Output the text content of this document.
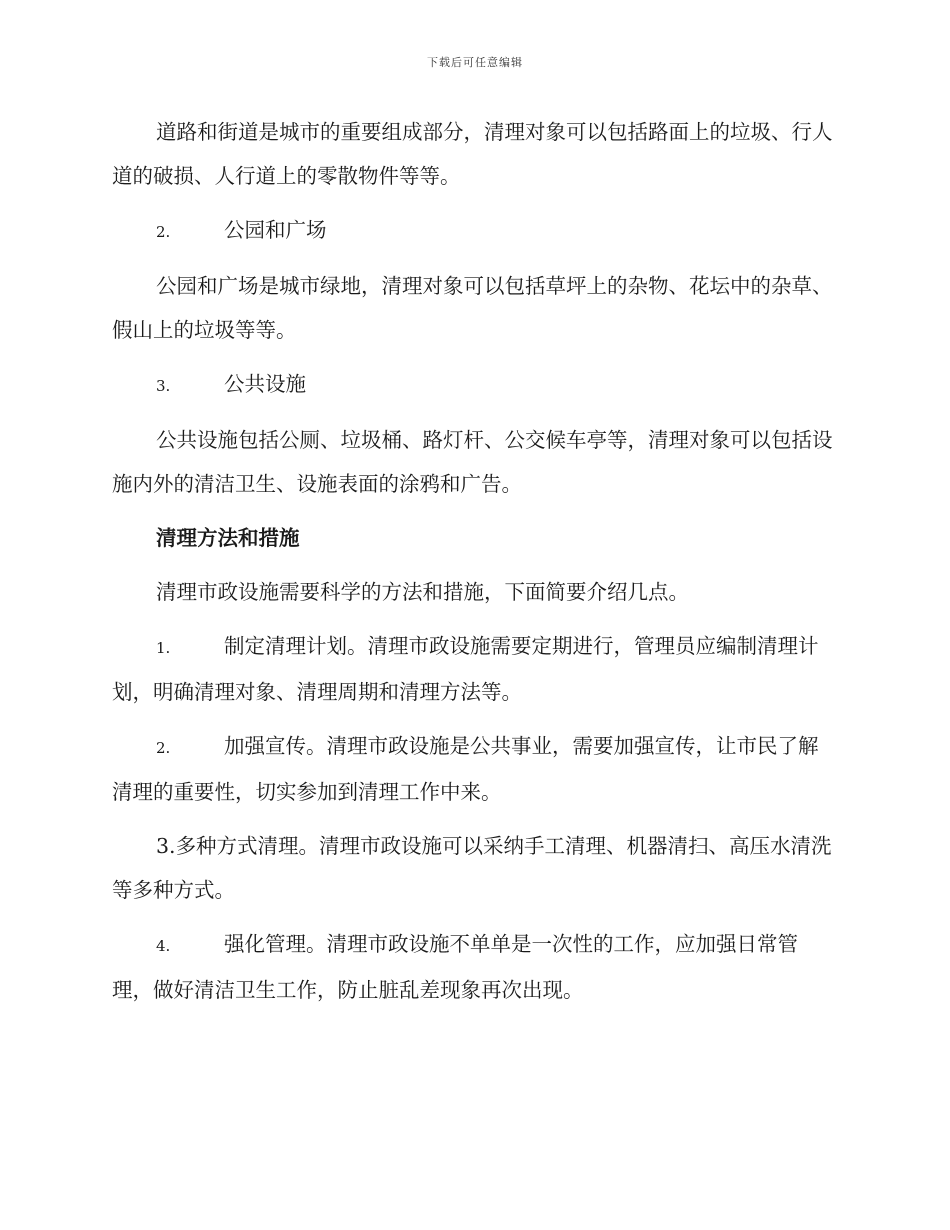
下载后可任意编辑

道路和街道是城市的重要组成部分，清理对象可以包括路面上的垃圾、行人道的破损、人行道上的零散物件等等。

2.	公园和广场

公园和广场是城市绿地，清理对象可以包括草坪上的杂物、花坛中的杂草、假山上的垃圾等等。

3.	公共设施

公共设施包括公厕、垃圾桶、路灯杆、公交候车亭等，清理对象可以包括设施内外的清洁卫生、设施表面的涂鸦和广告。

清理方法和措施

清理市政设施需要科学的方法和措施，下面简要介绍几点。

1.	制定清理计划。清理市政设施需要定期进行，管理员应编制清理计划，明确清理对象、清理周期和清理方法等。

2.	加强宣传。清理市政设施是公共事业，需要加强宣传，让市民了解清理的重要性，切实参加到清理工作中来。

3.多种方式清理。清理市政设施可以采纳手工清理、机器清扫、高压水清洗等多种方式。

4.	强化管理。清理市政设施不单单是一次性的工作，应加强日常管理，做好清洁卫生工作，防止脏乱差现象再次出现。
